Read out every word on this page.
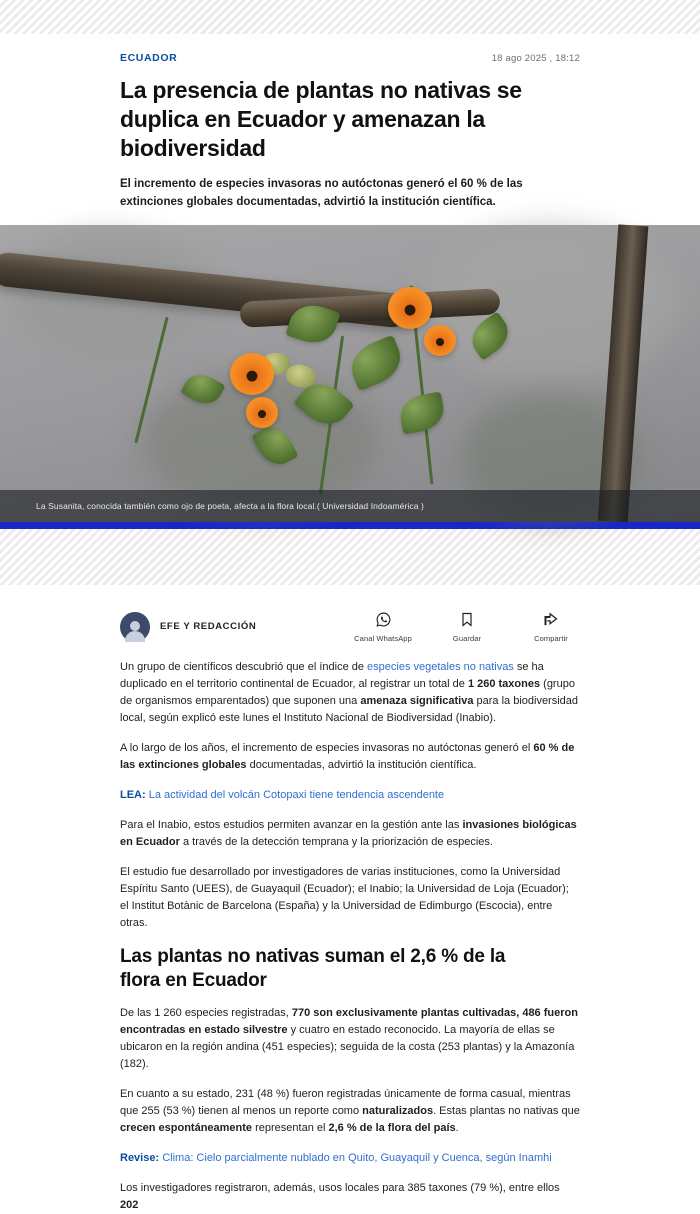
ECUADOR	18 ago 2025 , 18:12
La presencia de plantas no nativas se duplica en Ecuador y amenazan la biodiversidad

El incremento de especies invasoras no autóctonas generó el 60 % de las extinciones globales documentadas, advirtió la institución científica.

La Susanita, conocida también como ojo de poeta, afecta a la flora local.( Universidad Indoamérica )
EFE Y REDACCIÓN
Canal WhatsApp	Guardar	Compartir

Un grupo de científicos descubrió que el índice de especies vegetales no nativas se ha duplicado en el territorio continental de Ecuador, al registrar un total de 1 260 taxones (grupo de organismos emparentados) que suponen una amenaza significativa para la biodiversidad local, según explicó este lunes el Instituto Nacional de Biodiversidad (Inabio).

A lo largo de los años, el incremento de especies invasoras no autóctonas generó el 60 % de las extinciones globales documentadas, advirtió la institución científica.

LEA: La actividad del volcán Cotopaxi tiene tendencia ascendente

Para el Inabio, estos estudios permiten avanzar en la gestión ante las invasiones biológicas en Ecuador a través de la detección temprana y la priorización de especies.

El estudio fue desarrollado por investigadores de varias instituciones, como la Universidad Espíritu Santo (UEES), de Guayaquil (Ecuador); el Inabio; la Universidad de Loja (Ecuador); el Institut Botànic de Barcelona (España) y la Universidad de Edimburgo (Escocia), entre otras.

Las plantas no nativas suman el 2,6 % de la flora en Ecuador

De las 1 260 especies registradas, 770 son exclusivamente plantas cultivadas, 486 fueron encontradas en estado silvestre y cuatro en estado reconocido. La mayoría de ellas se ubicaron en la región andina (451 especies); seguida de la costa (253 plantas) y la Amazonía (182).

En cuanto a su estado, 231 (48 %) fueron registradas únicamente de forma casual, mientras que 255 (53 %) tienen al menos un reporte como naturalizados. Estas plantas no nativas que crecen espontáneamente representan el 2,6 % de la flora del país.

Revise: Clima: Cielo parcialmente nublado en Quito, Guayaquil y Cuenca, según Inamhi

Los investigadores registraron, además, usos locales para 385 taxones (79 %), entre ellos 202
